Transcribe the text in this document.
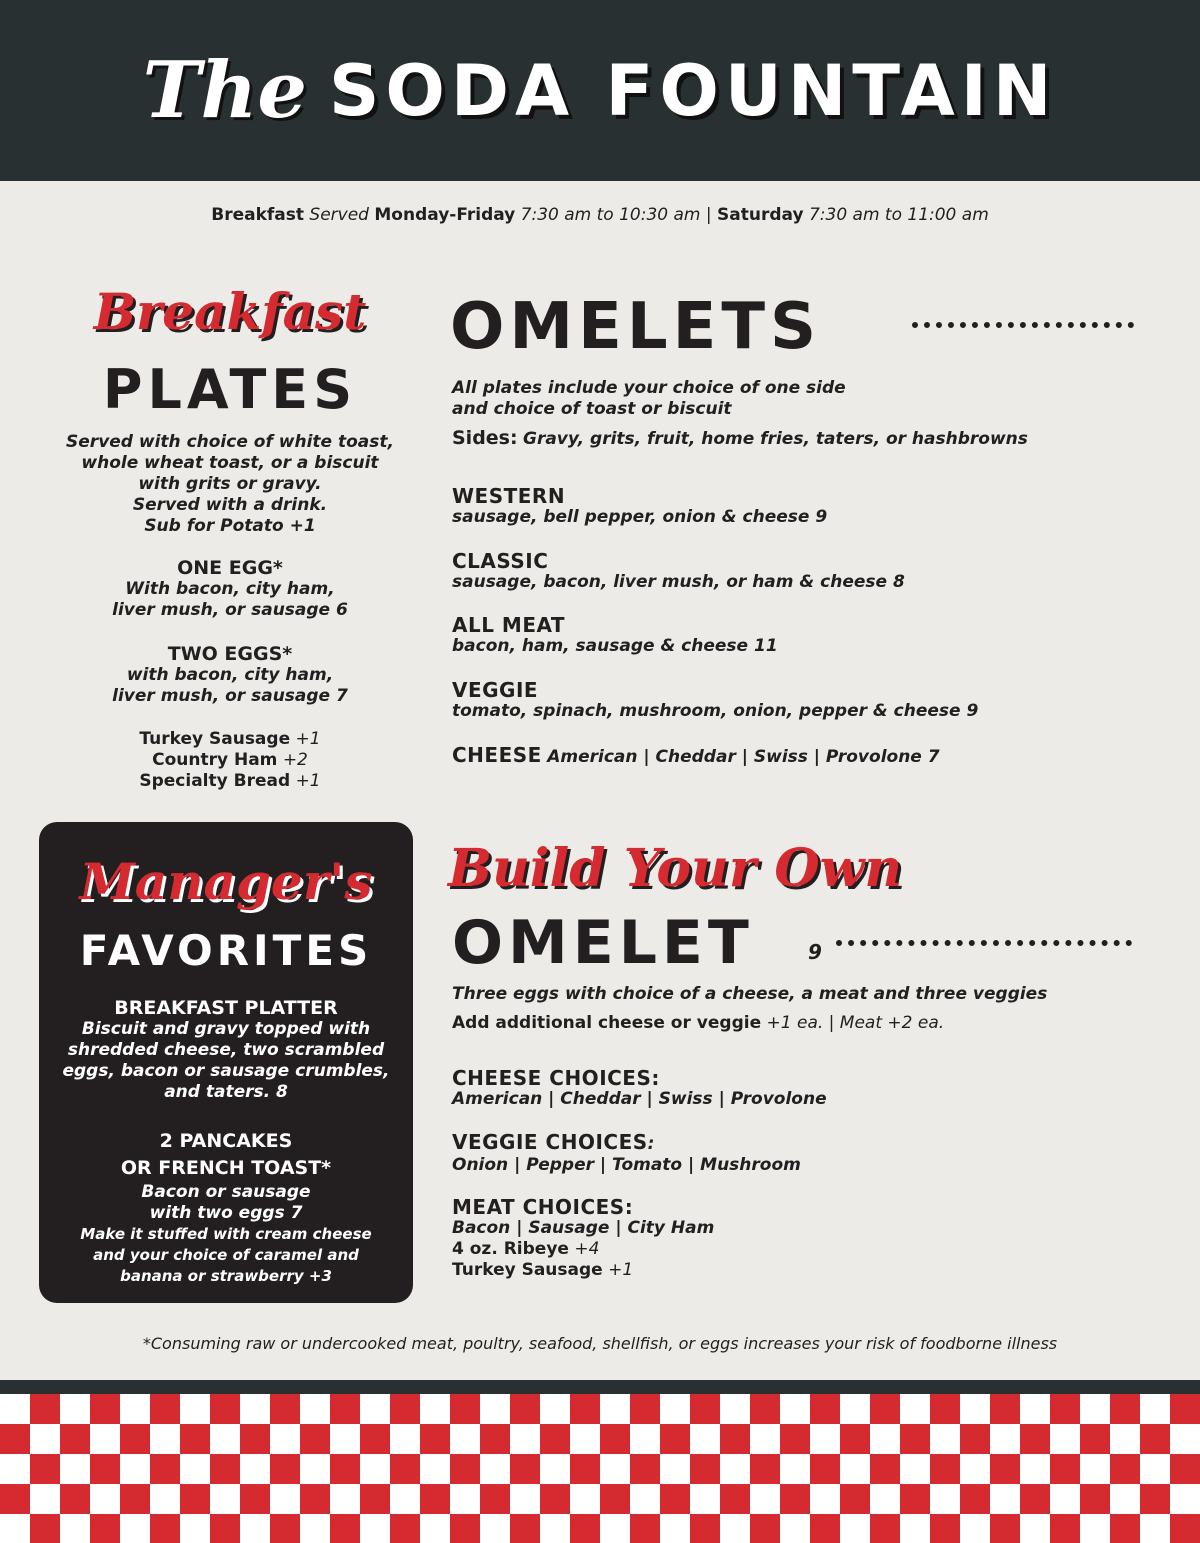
The SODA FOUNTAIN
Breakfast Served Monday-Friday 7:30 am to 10:30 am | Saturday 7:30 am to 11:00 am
Breakfast
PLATES
Served with choice of white toast,
whole wheat toast, or a biscuit
with grits or gravy.
Served with a drink.
Sub for Potato +1
ONE EGG*
With bacon, city ham,
liver mush, or sausage 6
TWO EGGS*
with bacon, city ham,
liver mush, or sausage 7
Turkey Sausage +1
Country Ham +2
Specialty Bread +1
OMELETS
All plates include your choice of one side
and choice of toast or biscuit
Sides: Gravy, grits, fruit, home fries, taters, or hashbrowns
WESTERN
sausage, bell pepper, onion & cheese 9
CLASSIC
sausage, bacon, liver mush, or ham & cheese 8
ALL MEAT
bacon, ham, sausage & cheese 11
VEGGIE
tomato, spinach, mushroom, onion, pepper & cheese 9
CHEESE American | Cheddar | Swiss | Provolone 7
Manager's
FAVORITES
BREAKFAST PLATTER
Biscuit and gravy topped with
shredded cheese, two scrambled
eggs, bacon or sausage crumbles,
and taters. 8
2 PANCAKES
OR FRENCH TOAST*
Bacon or sausage
with two eggs 7
Make it stuffed with cream cheese
and your choice of caramel and
banana or strawberry +3
Build Your Own
OMELET	9
Three eggs with choice of a cheese, a meat and three veggies
Add additional cheese or veggie +1 ea. | Meat +2 ea.
CHEESE CHOICES:
American | Cheddar | Swiss | Provolone
VEGGIE CHOICES:
Onion | Pepper | Tomato | Mushroom
MEAT CHOICES:
Bacon | Sausage | City Ham
4 oz. Ribeye +4
Turkey Sausage +1
*Consuming raw or undercooked meat, poultry, seafood, shellfish, or eggs increases your risk of foodborne illness
